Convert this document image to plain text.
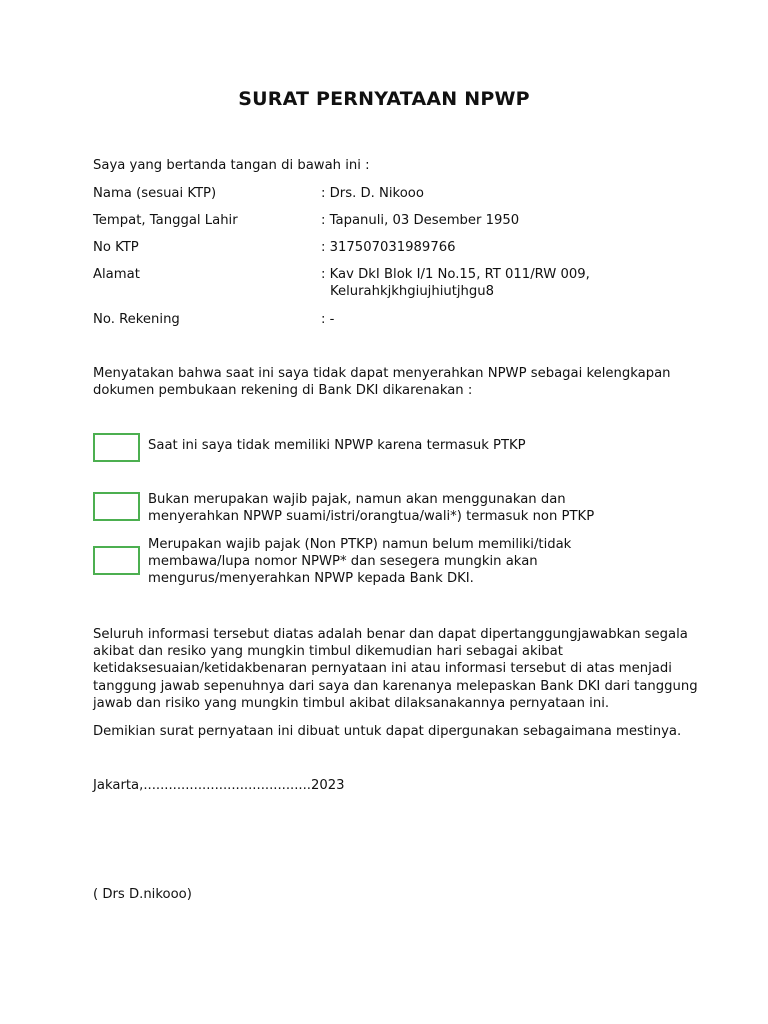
SURAT PERNYATAAN NPWP
Saya yang bertanda tangan di bawah ini :
Nama (sesuai KTP)	: Drs. D. Nikooo
Tempat, Tanggal Lahir	: Tapanuli, 03 Desember 1950
No KTP	: 317507031989766
Alamat	: Kav DkI Blok I/1 No.15, RT 011/RW 009,
Kelurahkjkhgiujhiutjhgu8
No. Rekening	: -
Menyatakan bahwa saat ini saya tidak dapat menyerahkan NPWP sebagai kelengkapan
dokumen pembukaan rekening di Bank DKI dikarenakan :
Saat ini saya tidak memiliki NPWP karena termasuk PTKP
Bukan merupakan wajib pajak, namun akan menggunakan dan
menyerahkan NPWP suami/istri/orangtua/wali*) termasuk non PTKP
Merupakan wajib pajak (Non PTKP) namun belum memiliki/tidak
membawa/lupa nomor NPWP* dan sesegera mungkin akan
mengurus/menyerahkan NPWP kepada Bank DKI.
Seluruh informasi tersebut diatas adalah benar dan dapat dipertanggungjawabkan segala
akibat dan resiko yang mungkin timbul dikemudian hari sebagai akibat
ketidaksesuaian/ketidakbenaran pernyataan ini atau informasi tersebut di atas menjadi
tanggung jawab sepenuhnya dari saya dan karenanya melepaskan Bank DKI dari tanggung
jawab dan risiko yang mungkin timbul akibat dilaksanakannya pernyataan ini.
Demikian surat pernyataan ini dibuat untuk dapat dipergunakan sebagaimana mestinya.
Jakarta,........................................2023
( Drs D.nikooo)
